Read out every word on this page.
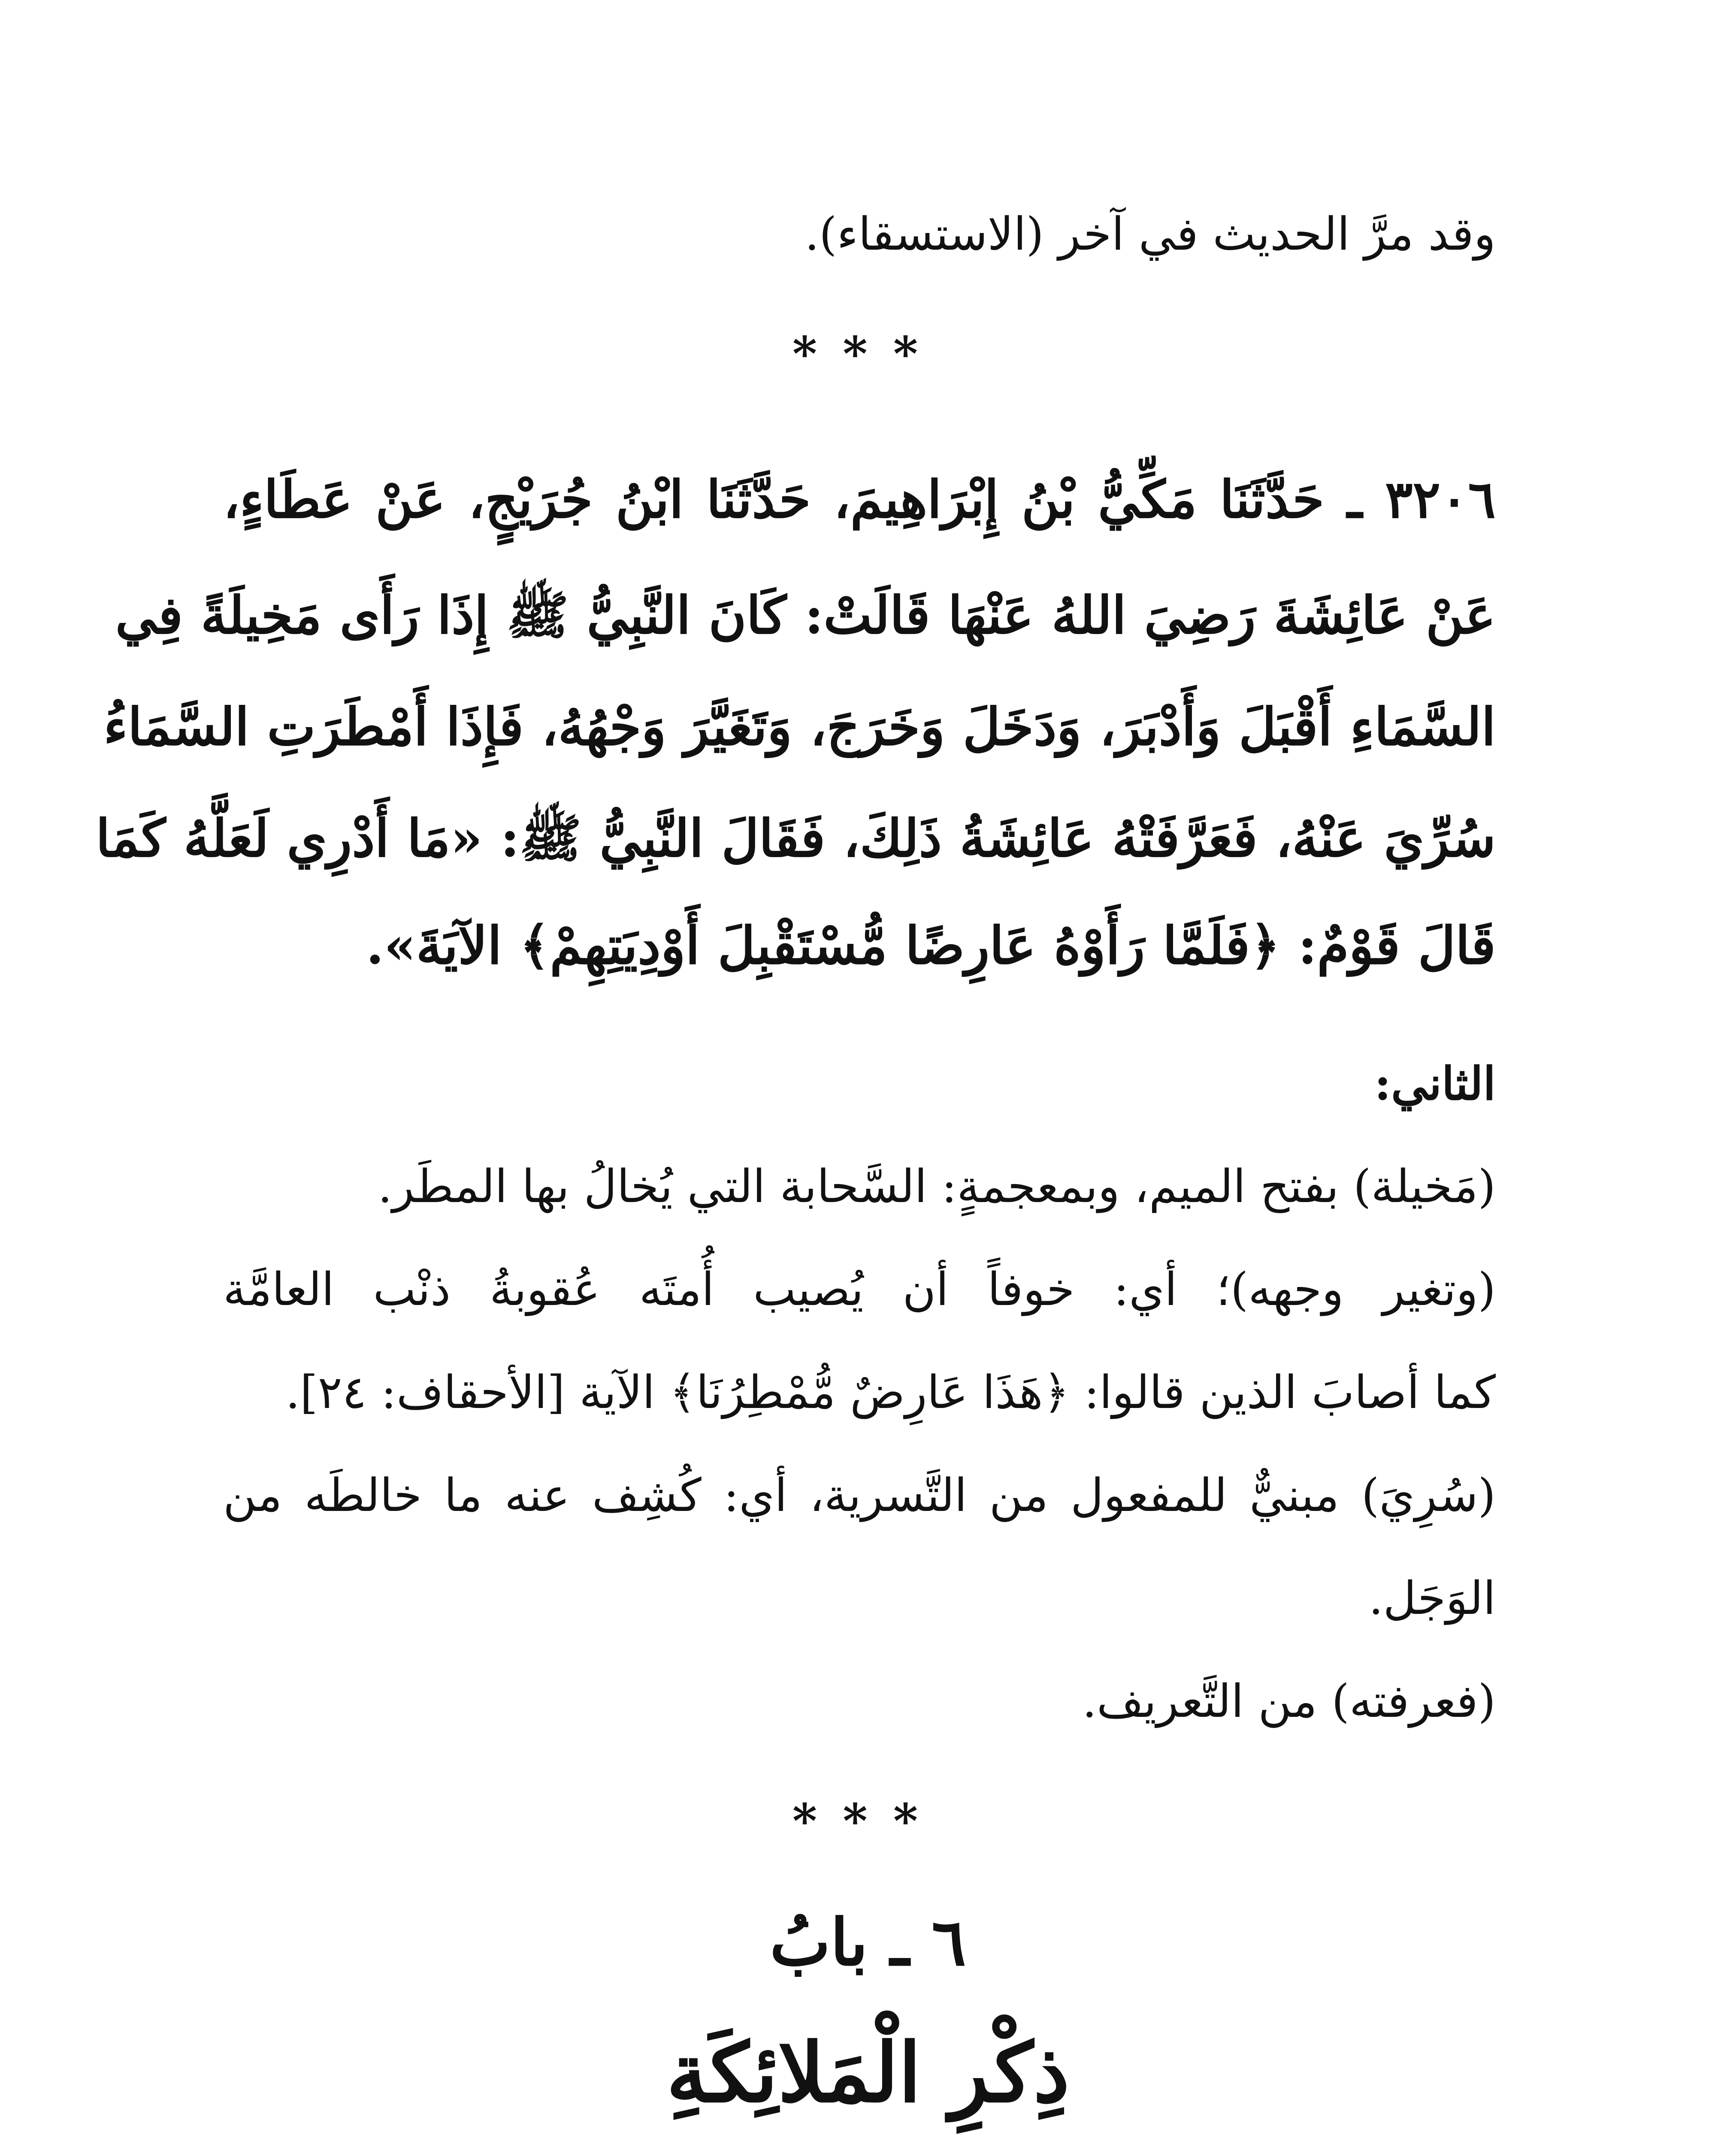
وقد مرَّ الحديث في آخر (الاستسقاء).
***
٣٢٠٦ ـ حَدَّثَنَا مَكِّيُّ بْنُ إِبْرَاهِيمَ، حَدَّثَنَا ابْنُ جُرَيْجٍ، عَنْ عَطَاءٍ،
عَنْ عَائِشَةَ رَضِيَ اللهُ عَنْهَا قَالَتْ: كَانَ النَّبِيُّ ﷺ إِذَا رَأَى مَخِيلَةً فِي
السَّمَاءِ أَقْبَلَ وَأَدْبَرَ، وَدَخَلَ وَخَرَجَ، وَتَغَيَّرَ وَجْهُهُ، فَإِذَا أَمْطَرَتِ السَّمَاءُ
سُرِّيَ عَنْهُ، فَعَرَّفَتْهُ عَائِشَةُ ذَلِكَ، فَقَالَ النَّبِيُّ ﷺ: «مَا أَدْرِي لَعَلَّهُ كَمَا
قَالَ قَوْمٌ: ﴿فَلَمَّا رَأَوْهُ عَارِضًا مُّسْتَقْبِلَ أَوْدِيَتِهِمْ﴾ الآيَةَ».
الثاني:
(مَخيلة) بفتح الميم، وبمعجمةٍ: السَّحابة التي يُخالُ بها المطَر.
(وتغير وجهه)؛ أي: خوفاً أن يُصيب أُمتَه عُقوبةُ ذنْب العامَّة
كما أصابَ الذين قالوا: ﴿هَذَا عَارِضٌ مُّمْطِرُنَا﴾ الآية [الأحقاف: ٢٤].
(سُرِيَ) مبنيٌّ للمفعول من التَّسرية، أي: كُشِف عنه ما خالطَه من
الوَجَل.
(فعرفته) من التَّعريف.
***
٦ ـ بابُ
ذِكْرِ الْمَلائِكَةِ
